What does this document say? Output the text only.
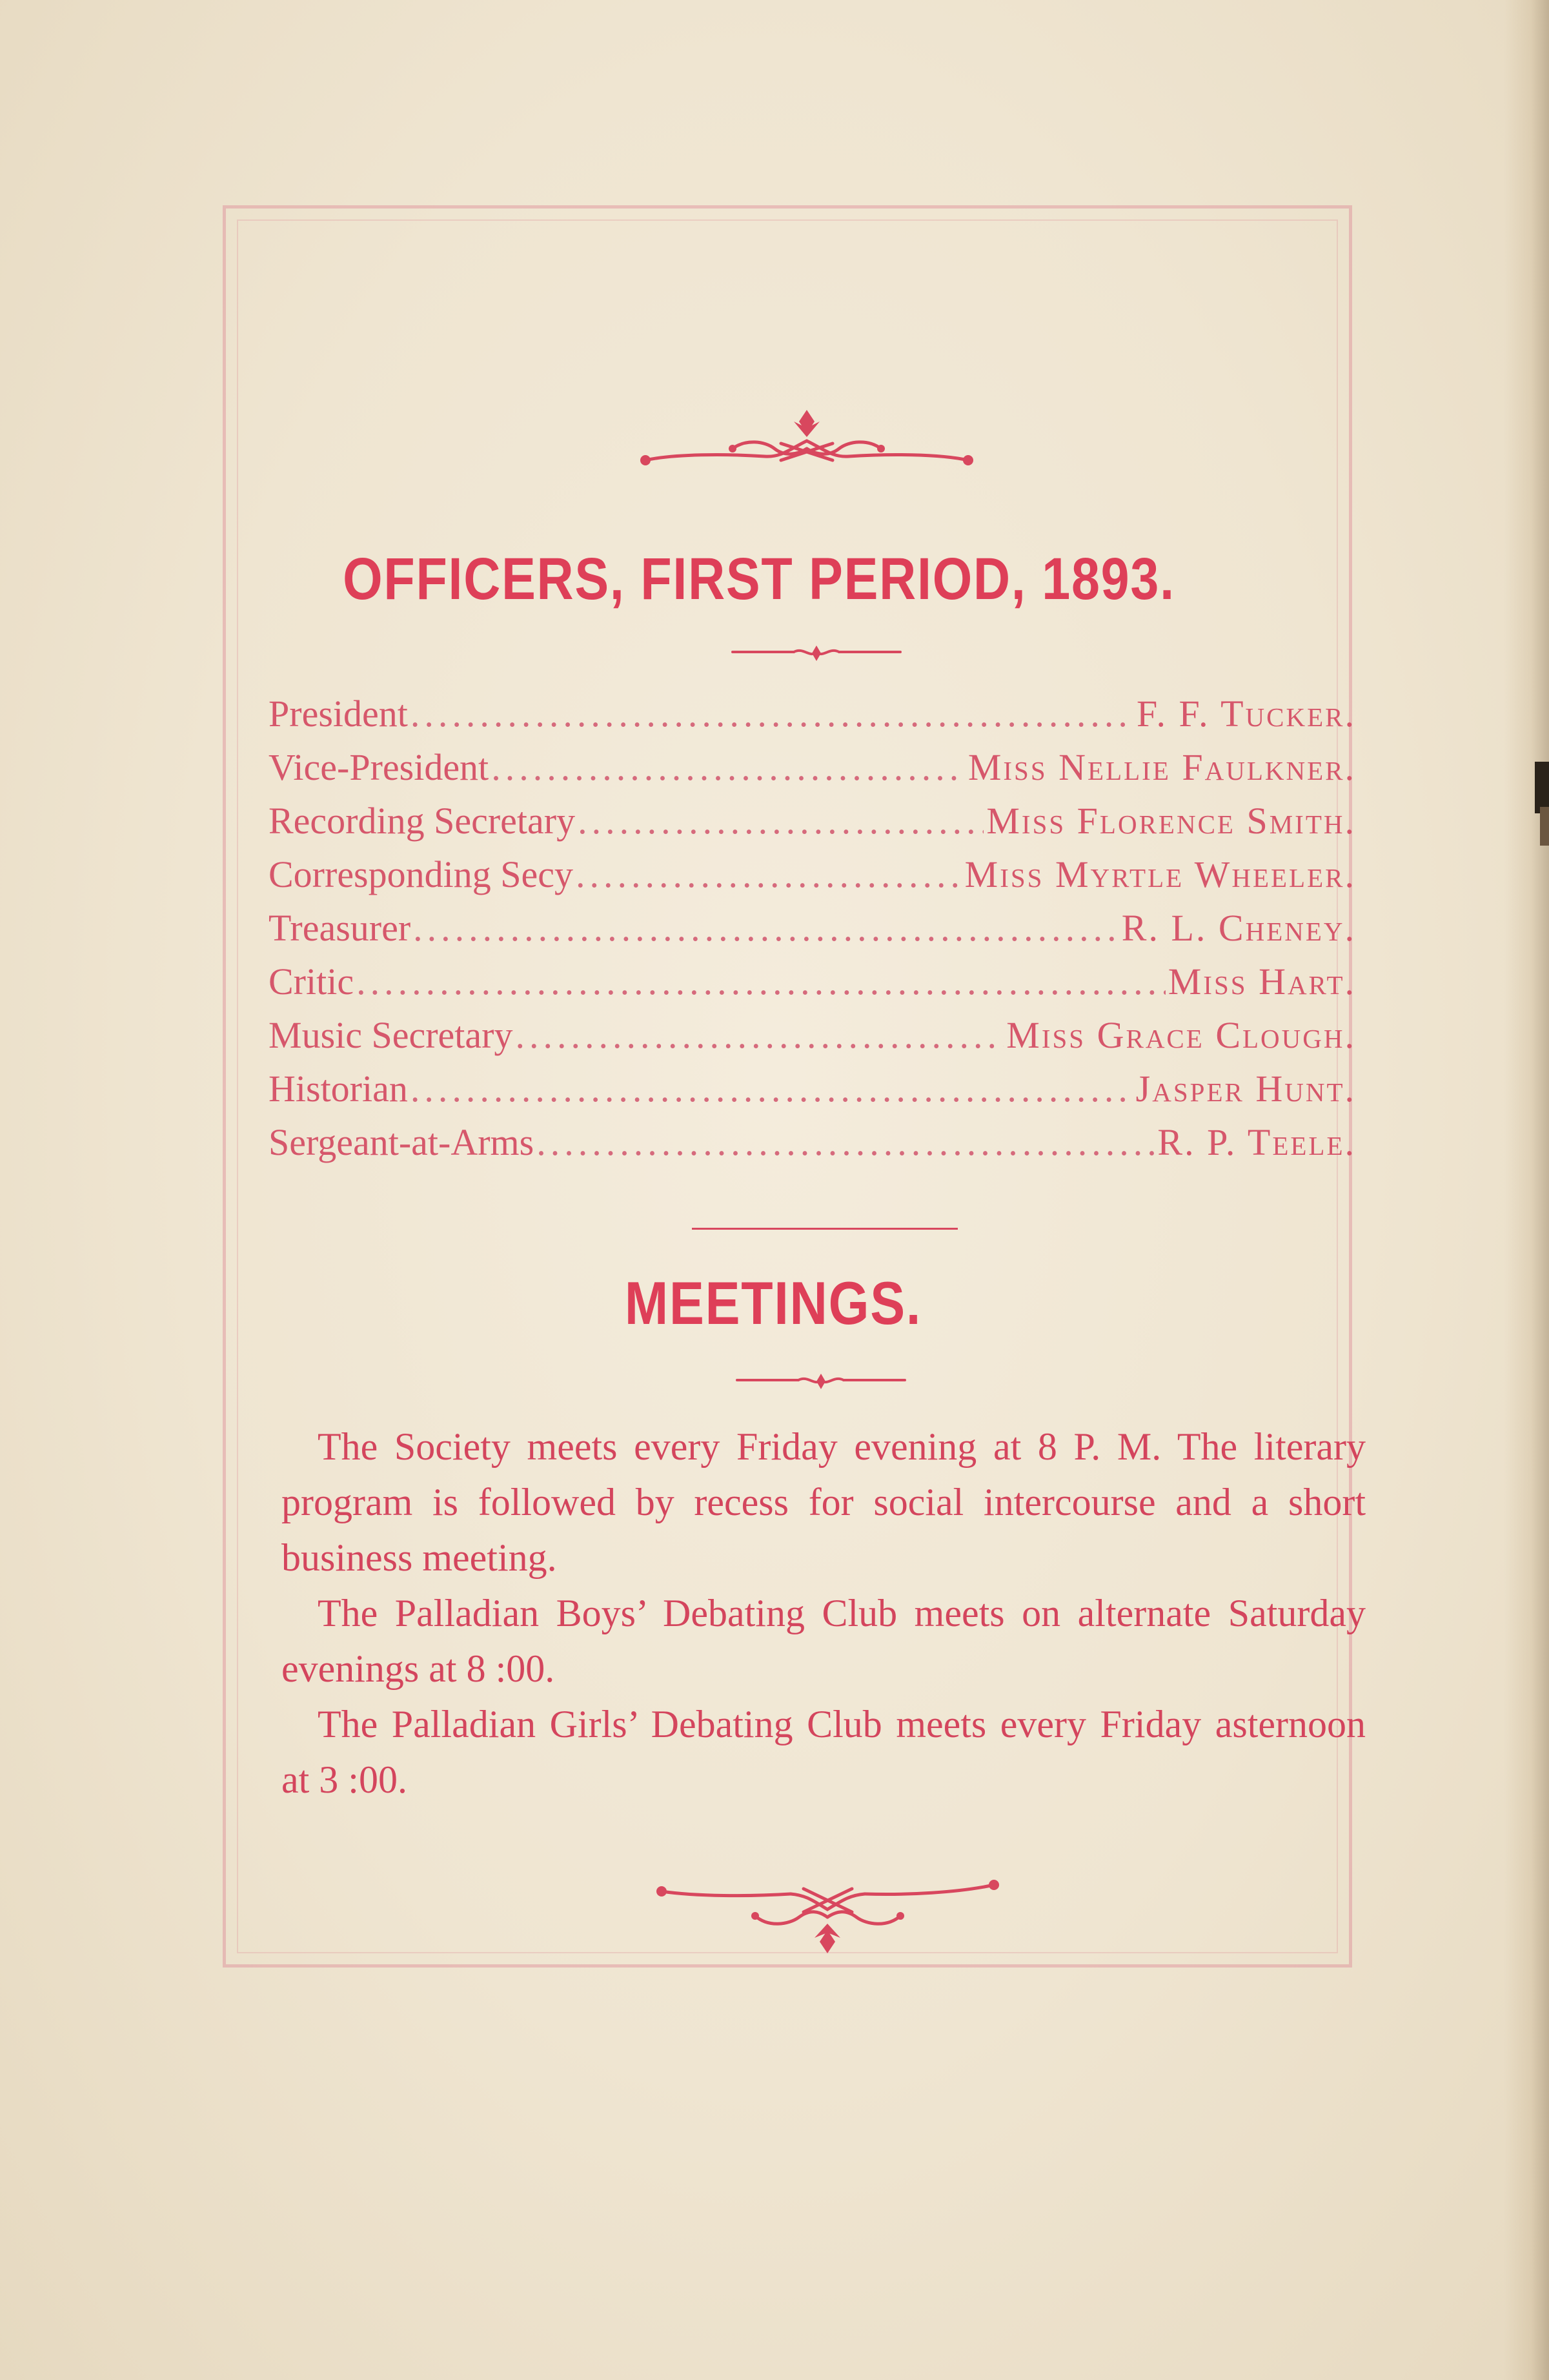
OFFICERS, FIRST PERIOD, 1893.
President .....	F. F. Tucker.
Vice-President .....	Miss Nellie Faulkner.
Recording Secretary .....	Miss Florence Smith.
Corresponding Secy .....	Miss Myrtle Wheeler.
Treasurer .....	R. L. Cheney.
Critic .....	Miss Hart.
Music Secretary .....	Miss Grace Clough.
Historian .....	Jasper Hunt.
Sergeant-at-Arms .....	R. P. Teele.
MEETINGS.

The Society meets every Friday evening at 8 P. M. The literary program is followed by recess for social intercourse and a short business meeting.

The Palladian Boys’ Debating Club meets on alternate Saturday evenings at 8 :00.

The Palladian Girls’ Debating Club meets every Friday asternoon at 3 :00.
